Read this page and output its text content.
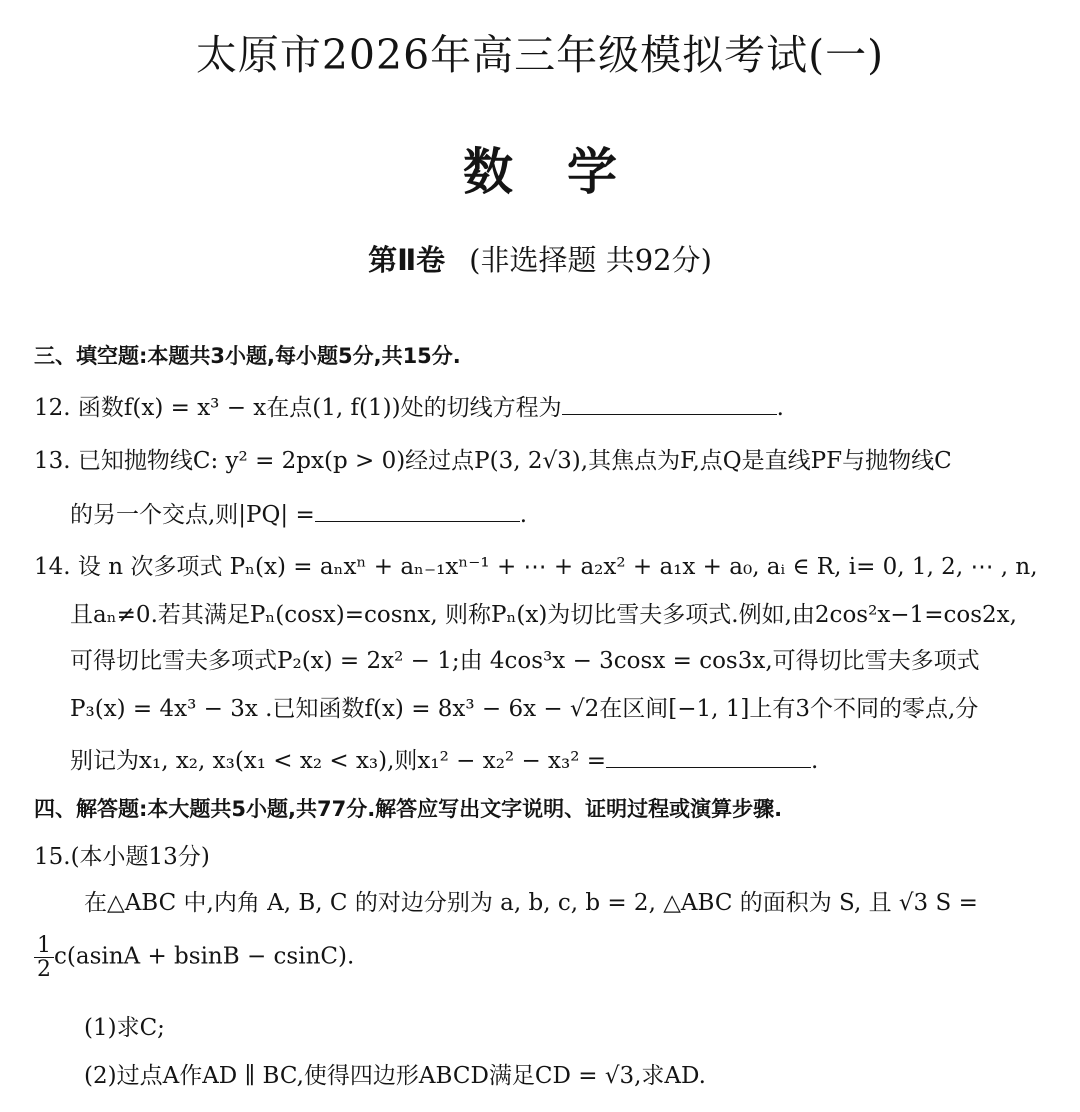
太原市2026年高三年级模拟考试(一)
数学
第Ⅱ卷 (非选择题 共92分)
三、填空题:本题共3小题,每小题5分,共15分.
12. 函数f(x) = x³ − x在点(1, f(1))处的切线方程为	.
13. 已知抛物线C: y² = 2px(p > 0)经过点P(3, 2√3),其焦点为F,点Q是直线PF与抛物线C
的另一个交点,则|PQ| =	.
14. 设 n 次多项式 Pₙ(x) = aₙxⁿ + aₙ₋₁xⁿ⁻¹ + ⋯ + a₂x² + a₁x + a₀, aᵢ ∈ R, i= 0, 1, 2, ⋯ , n,
且aₙ≠0.若其满足Pₙ(cosx)=cosnx, 则称Pₙ(x)为切比雪夫多项式.例如,由2cos²x−1=cos2x,
可得切比雪夫多项式P₂(x) = 2x² − 1;由 4cos³x − 3cosx = cos3x,可得切比雪夫多项式
P₃(x) = 4x³ − 3x .已知函数f(x) = 8x³ − 6x − √2在区间[−1, 1]上有3个不同的零点,分
别记为x₁, x₂, x₃(x₁ < x₂ < x₃),则x₁² − x₂² − x₃² =	.
四、解答题:本大题共5小题,共77分.解答应写出文字说明、证明过程或演算步骤.
15.(本小题13分)
在△ABC 中,内角 A, B, C 的对边分别为 a, b, c, b = 2, △ABC 的面积为 S, 且 √3 S =
$\frac{1}{2} c(asinA + bsinB - csinC)$.
(1)求C;
(2)过点A作AD ∥ BC,使得四边形ABCD满足CD = √3,求AD.
